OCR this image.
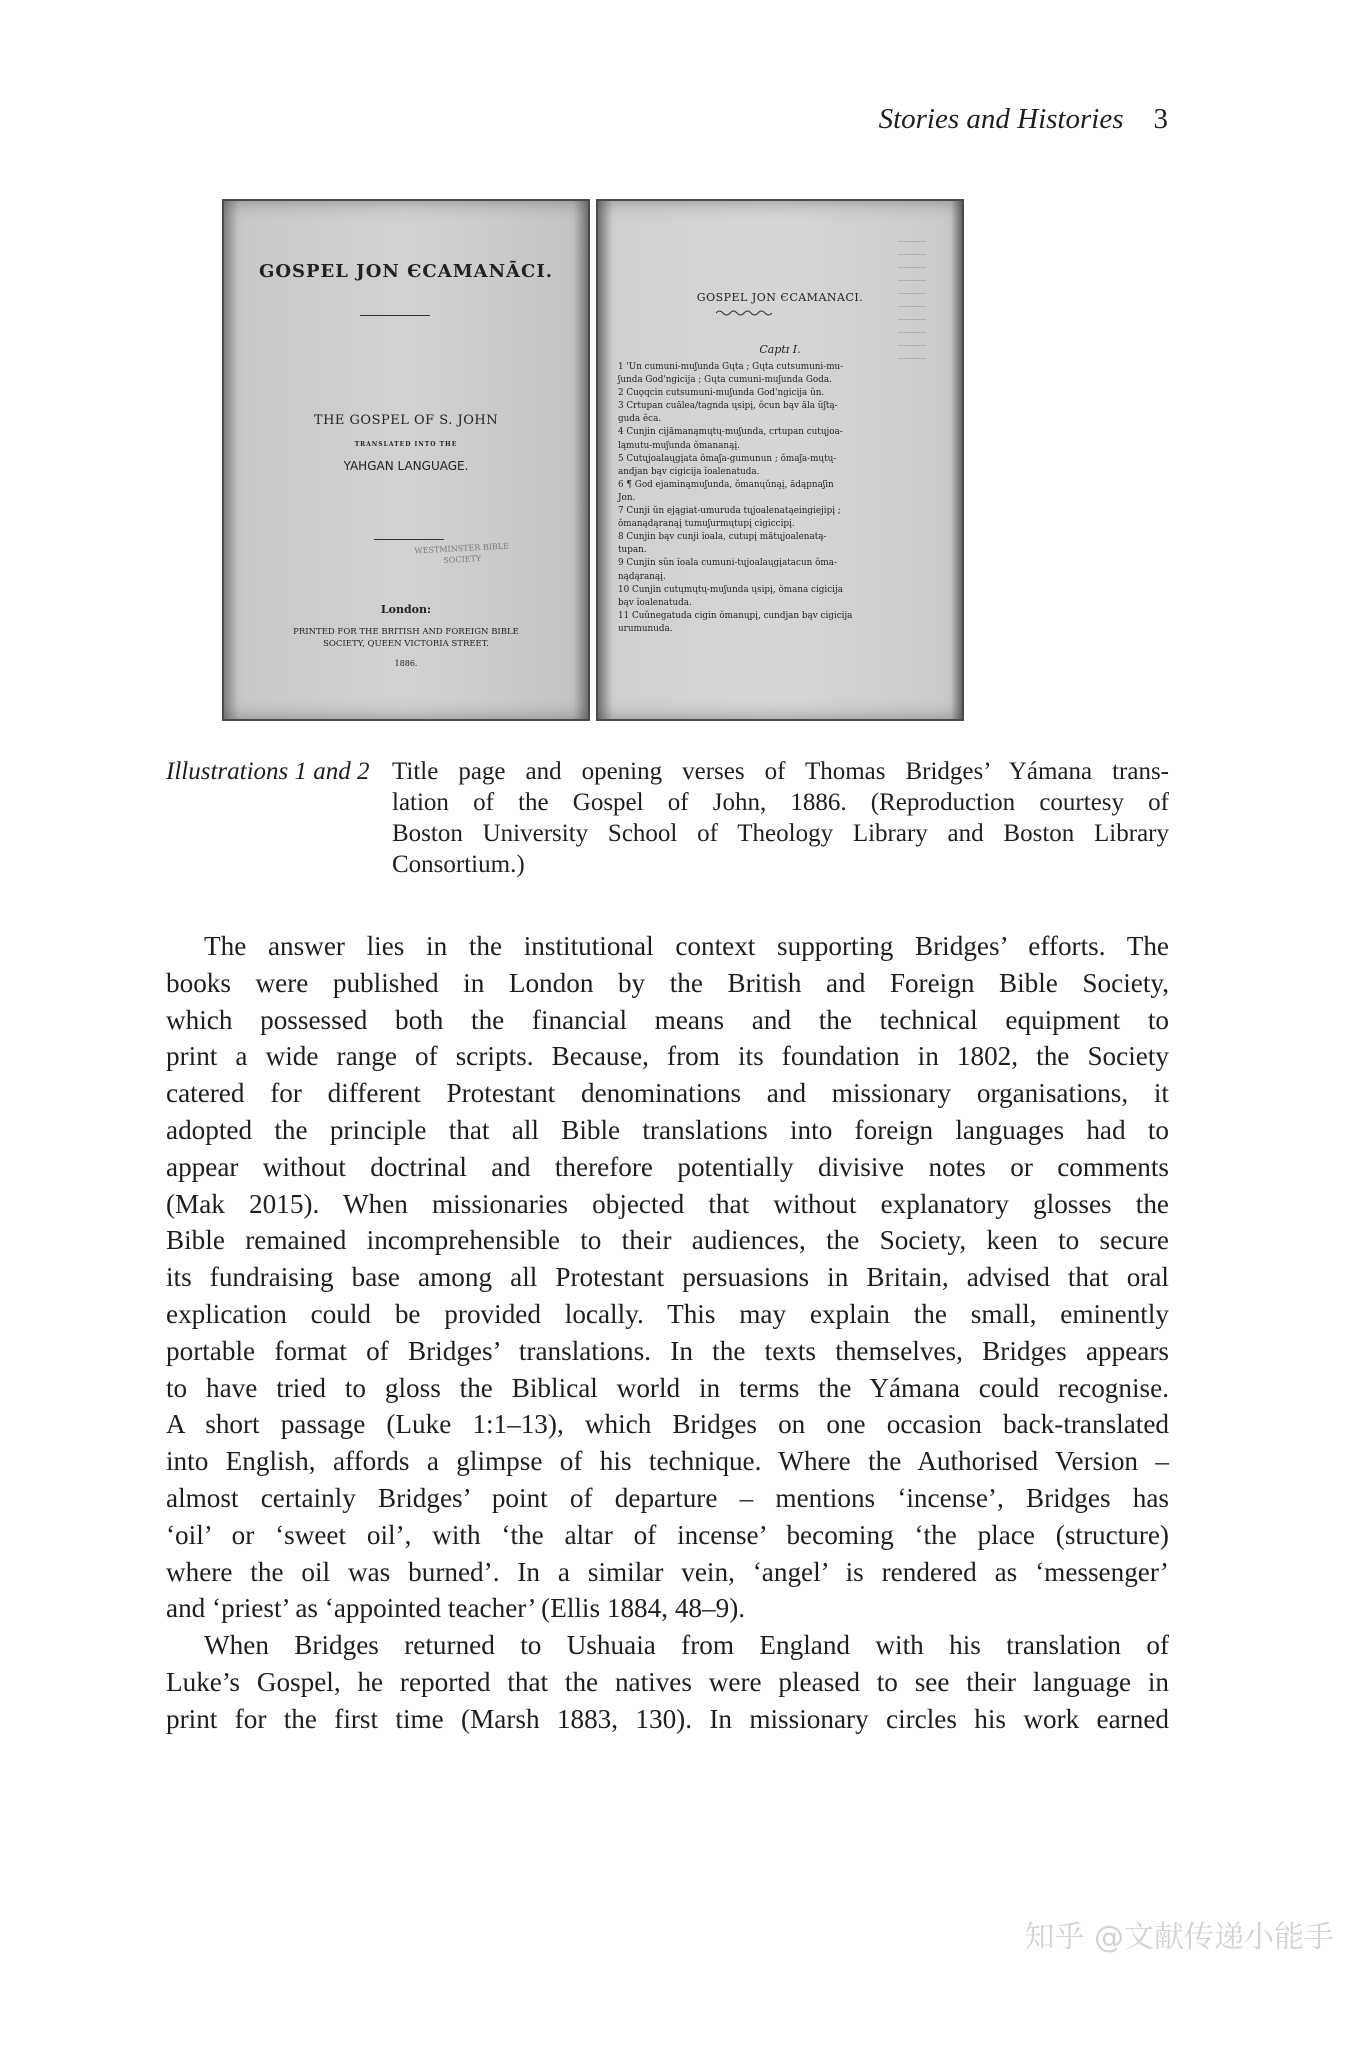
Stories and Histories 3
GOSPEL JON ЄCAMANĀCI.
THE GOSPEL OF S. JOHN
TRANSLATED INTO THE
YAHGAN LANGUAGE.
WESTMINSTER BIBLE SOCIETY
London:
PRINTED FOR THE BRITISH AND FOREIGN BIBLE
SOCIETY, QUEEN VICTORIA STREET.
1886.
GOSPEL JON ЄCAMANACI.
Captɪ I.

1 'Un cumuni-muʃunda Gųta ; Gųta cutsumuni-mu-

ʃunda God'ngicija ; Gųta cumuni-muʃunda Goda.

2 Cuǫqcin cutsumuni-muʃunda God'ngicija ŭn.

3 Crtupan cuălea/tagnda ųsipį, ŏcun bąv ăla ŭʃtą-

guda ĕca.

4 Cunjin cijămanąmųtų-muʃunda, crtupan cutųjoa-

ląmutu-muʃunda ŏmananąį.

5 Cutųjoalaųgįata ŏmaʃa-gumunun ; ŏmaʃa-mųtų-

andjan bąv cigicija ĭoalenatuda.

6 ¶ God ejaminąmuʃunda, ŏmanųŭnąį, ădąpnaʃin

Jon.

7 Cunji ŭn ejągiat-umuruda tųjoalenatąeingiejipį ;

ŏmanądąranąį tumuʃurmųtupį cigiccipį.

8 Cunjin bąv cunji ĭoala, cutupį mătųjoalenatą-

tupan.

9 Cunjin sŭn ĭoala cumuni-tųjoalaųgįatacun ŏma-

nądąranąį.

10 Cunjin cutųmųtų-muʃunda ųsipį, ŏmana cigicija

bąv ĭoalenatuda.

11 Cuŭnegatuda cigin ŏmanųpį, cundjan bąv cigicija

urumunuda.

Illustrations 1 and 2 Title page and opening verses of Thomas Bridges’ Yámana trans-
lation of the Gospel of John, 1886. (Reproduction courtesy of
Boston University School of Theology Library and Boston Library
Consortium.)
The answer lies in the institutional context supporting Bridges’ efforts. The
books were published in London by the British and Foreign Bible Society,
which possessed both the financial means and the technical equipment to
print a wide range of scripts. Because, from its foundation in 1802, the Society
catered for different Protestant denominations and missionary organisations, it
adopted the principle that all Bible translations into foreign languages had to
appear without doctrinal and therefore potentially divisive notes or comments
(Mak 2015). When missionaries objected that without explanatory glosses the
Bible remained incomprehensible to their audiences, the Society, keen to secure
its fundraising base among all Protestant persuasions in Britain, advised that oral
explication could be provided locally. This may explain the small, eminently
portable format of Bridges’ translations. In the texts themselves, Bridges appears
to have tried to gloss the Biblical world in terms the Yámana could recognise.
A short passage (Luke 1:1–13), which Bridges on one occasion back-translated
into English, affords a glimpse of his technique. Where the Authorised Version –
almost certainly Bridges’ point of departure – mentions ‘incense’, Bridges has
‘oil’ or ‘sweet oil’, with ‘the altar of incense’ becoming ‘the place (structure)
where the oil was burned’. In a similar vein, ‘angel’ is rendered as ‘messenger’
and ‘priest’ as ‘appointed teacher’ (Ellis 1884, 48–9).
When Bridges returned to Ushuaia from England with his translation of
Luke’s Gospel, he reported that the natives were pleased to see their language in
print for the first time (Marsh 1883, 130). In missionary circles his work earned
知乎 @文献传递小能手
